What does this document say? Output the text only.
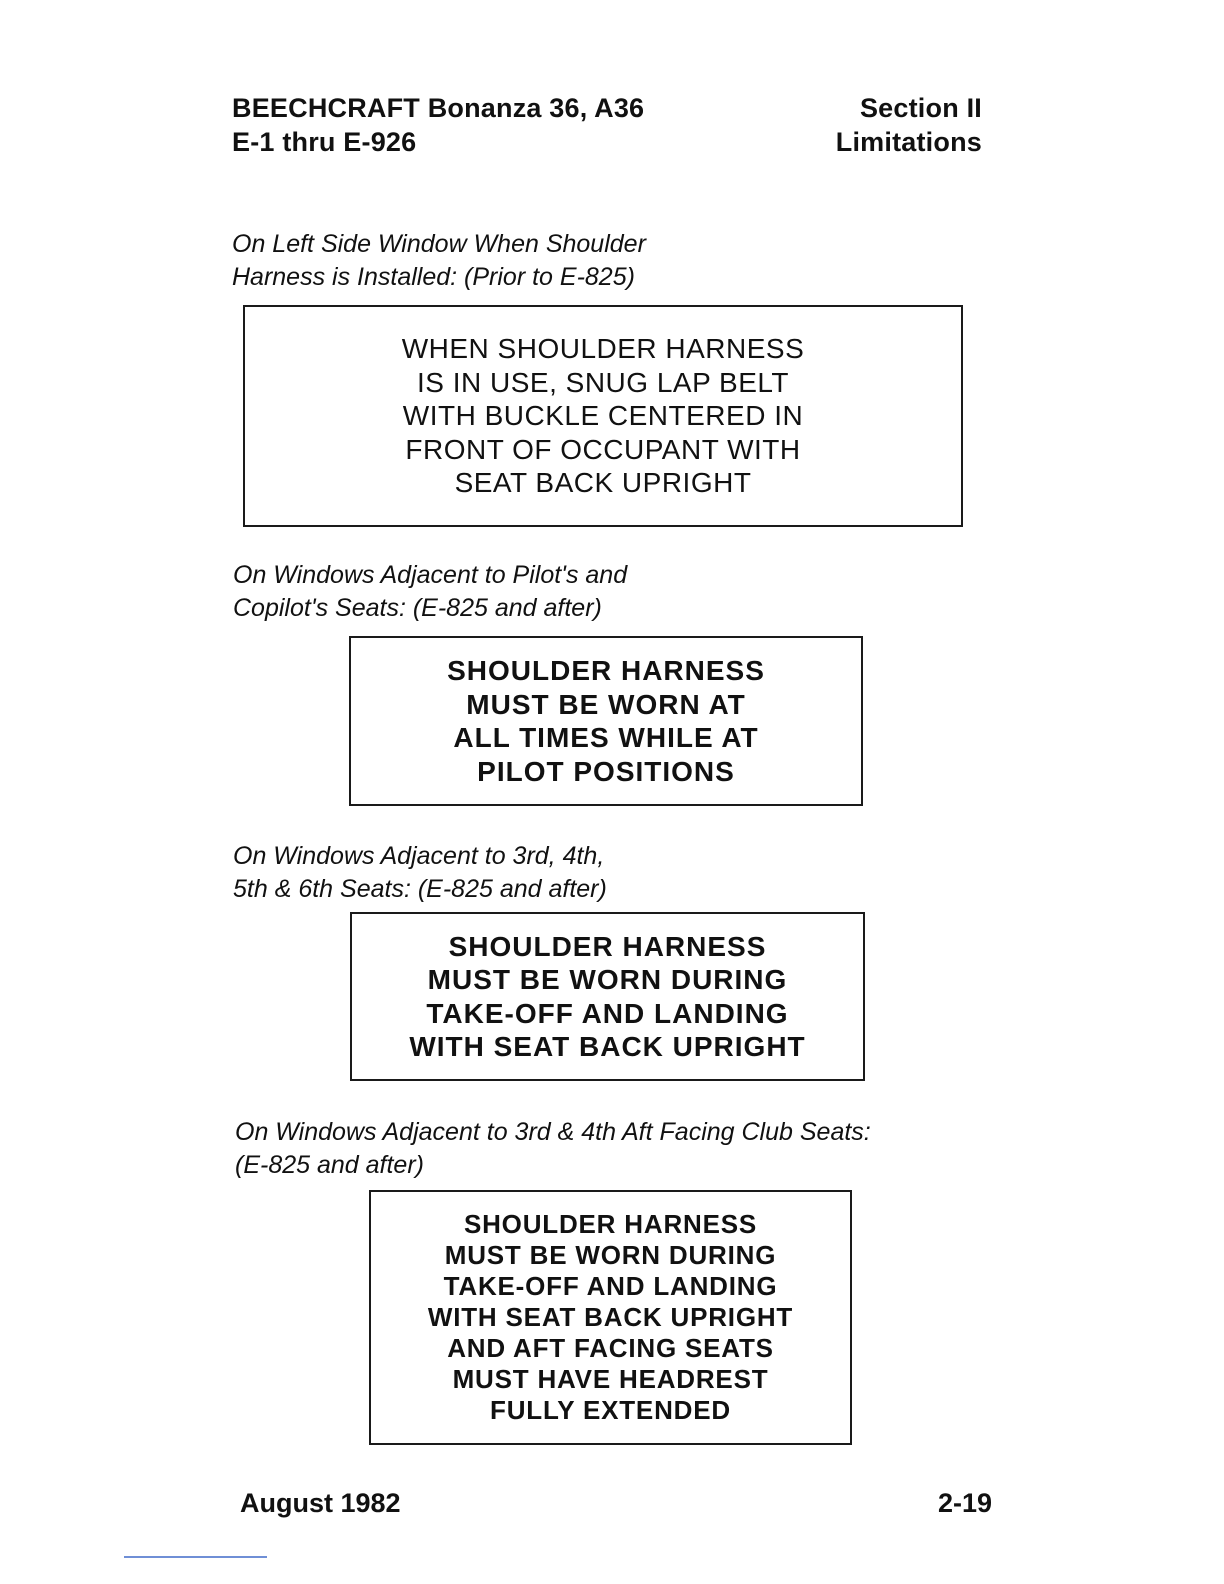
BEECHCRAFT Bonanza 36, A36
E-1 thru E-926
Section II
Limitations
On Left Side Window When Shoulder
Harness is Installed: (Prior to E-825)
WHEN SHOULDER HARNESS
IS IN USE, SNUG LAP BELT
WITH BUCKLE CENTERED IN
FRONT OF OCCUPANT WITH
SEAT BACK UPRIGHT
On Windows Adjacent to Pilot's and
Copilot's Seats: (E-825 and after)
SHOULDER HARNESS
MUST BE WORN AT
ALL TIMES WHILE AT
PILOT POSITIONS
On Windows Adjacent to 3rd, 4th,
5th & 6th Seats: (E-825 and after)
SHOULDER HARNESS
MUST BE WORN DURING
TAKE-OFF AND LANDING
WITH SEAT BACK UPRIGHT
On Windows Adjacent to 3rd & 4th Aft Facing Club Seats:
(E-825 and after)
SHOULDER HARNESS
MUST BE WORN DURING
TAKE-OFF AND LANDING
WITH SEAT BACK UPRIGHT
AND AFT FACING SEATS
MUST HAVE HEADREST
FULLY EXTENDED
August 1982	2-19
